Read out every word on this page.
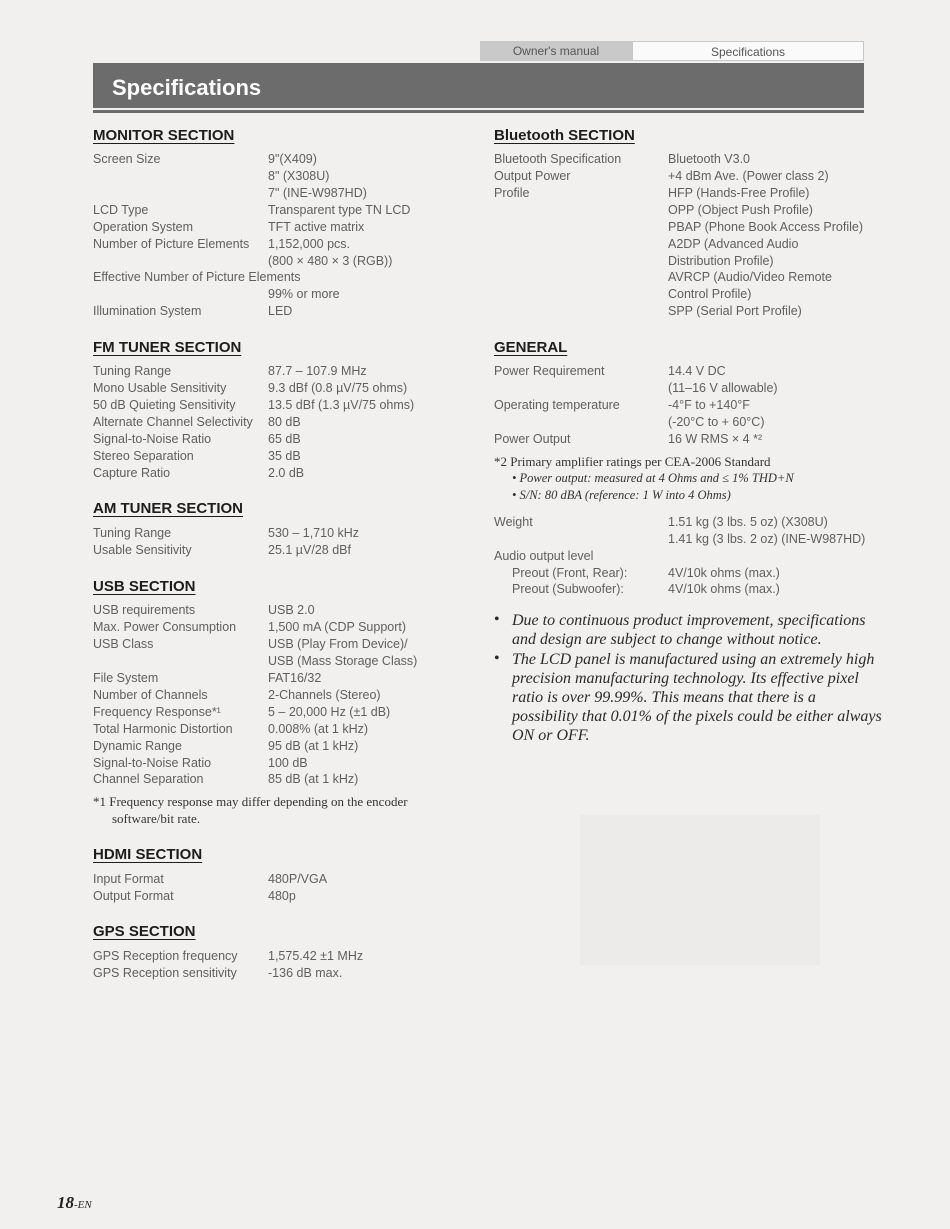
Owner's manual	Specifications
Specifications
MONITOR SECTION
Screen Size	9"(X409)
8" (X308U)
7" (INE-W987HD)
LCD Type	Transparent type TN LCD
Operation System	TFT active matrix
Number of Picture Elements 1,152,000 pcs.
(800 × 480 × 3 (RGB))
Effective Number of Picture Elements
99% or more
Illumination System	LED
FM TUNER SECTION
Tuning Range	87.7 – 107.9 MHz
Mono Usable Sensitivity	9.3 dBf (0.8 µV/75 ohms)
50 dB Quieting Sensitivity	13.5 dBf (1.3 µV/75 ohms)
Alternate Channel Selectivity 80 dB
Signal-to-Noise Ratio	65 dB
Stereo Separation	35 dB
Capture Ratio	2.0 dB
AM TUNER SECTION
Tuning Range	530 – 1,710 kHz
Usable Sensitivity	25.1 µV/28 dBf
USB SECTION
USB requirements	USB 2.0
Max. Power Consumption	1,500 mA (CDP Support)
USB Class	USB (Play From Device)/
USB (Mass Storage Class)
File System	FAT16/32
Number of Channels	2-Channels (Stereo)
Frequency Response*¹	5 – 20,000 Hz (±1 dB)
Total Harmonic Distortion	0.008% (at 1 kHz)
Dynamic Range	95 dB (at 1 kHz)
Signal-to-Noise Ratio	100 dB
Channel Separation	85 dB (at 1 kHz)
*1 Frequency response may differ depending on the encoder
software/bit rate.
HDMI SECTION
Input Format	480P/VGA
Output Format	480p
GPS SECTION
GPS Reception frequency 1,575.42 ±1 MHz
GPS Reception sensitivity -136 dB max.
Bluetooth SECTION
Bluetooth Specification	Bluetooth V3.0
Output Power	+4 dBm Ave. (Power class 2)
Profile	HFP (Hands-Free Profile)
OPP (Object Push Profile)
PBAP (Phone Book Access Profile)
A2DP (Advanced Audio
Distribution Profile)
AVRCP (Audio/Video Remote
Control Profile)
SPP (Serial Port Profile)
GENERAL
Power Requirement	14.4 V DC
(11–16 V allowable)
Operating temperature	-4°F to +140°F
(-20°C to + 60°C)
Power Output	16 W RMS × 4 *²
*2 Primary amplifier ratings per CEA-2006 Standard
• Power output: measured at 4 Ohms and ≤ 1% THD+N
• S/N: 80 dBA (reference: 1 W into 4 Ohms)
Weight	1.51 kg (3 lbs. 5 oz) (X308U)
1.41 kg (3 lbs. 2 oz) (INE-W987HD)
Audio output level
Preout (Front, Rear):	4V/10k ohms (max.)
Preout (Subwoofer):	4V/10k ohms (max.)
• Due to continuous product improvement, specifications
and design are subject to change without notice.
• The LCD panel is manufactured using an extremely high
precision manufacturing technology. Its effective pixel
ratio is over 99.99%. This means that there is a
possibility that 0.01% of the pixels could be either always
ON or OFF.
18-EN
